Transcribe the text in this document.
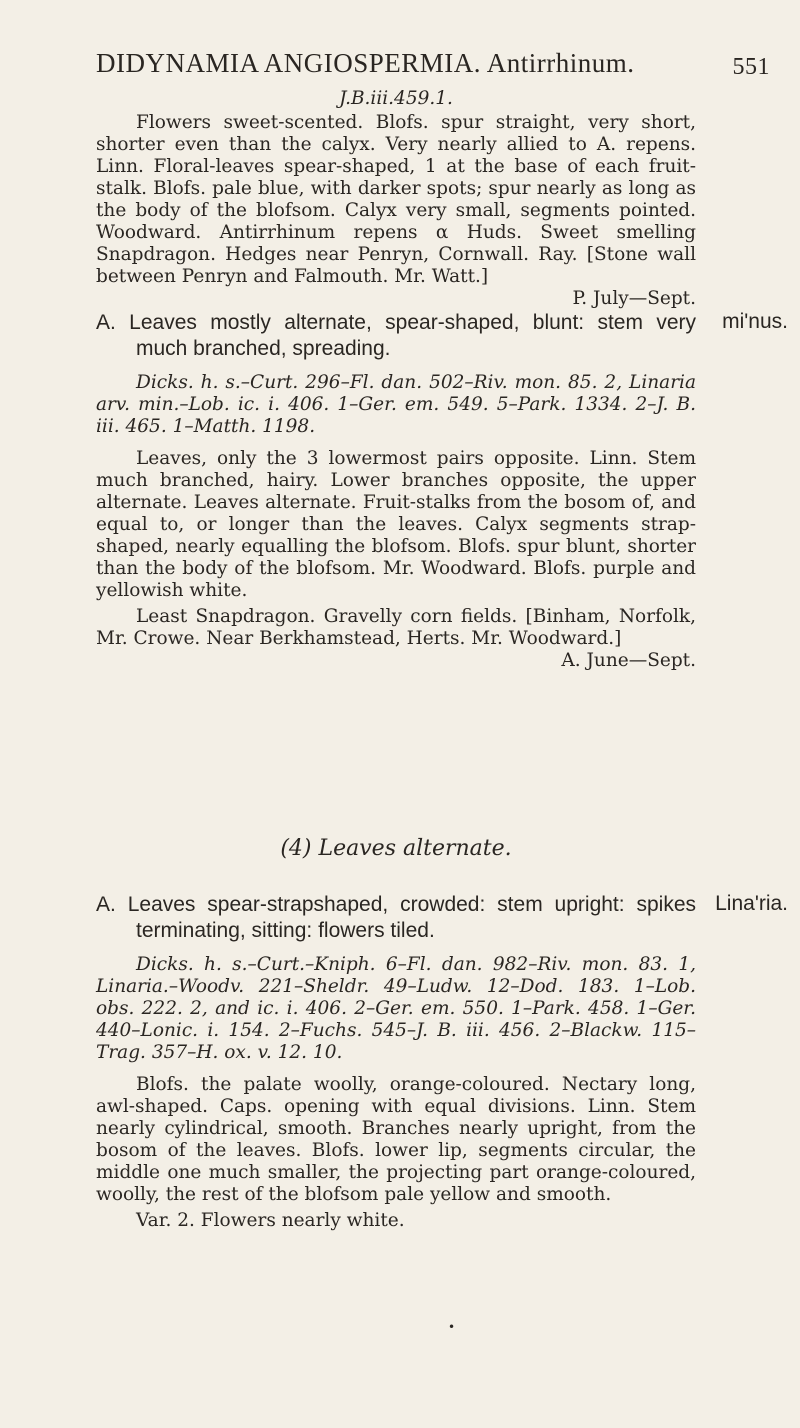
DIDYNAMIA ANGIOSPERMIA. Antirrhinum.	551

J.B.iii.459.1.

Flowers sweet-scented. Blofs. spur straight, very short, shorter even than the calyx. Very nearly allied to A. repens. Linn. Floral-leaves spear-shaped, 1 at the base of each fruit-stalk. Blofs. pale blue, with darker spots; spur nearly as long as the body of the blofsom. Calyx very small, segments pointed. Woodward. Antirrhinum repens α Huds. Sweet smelling Snapdragon. Hedges near Penryn, Cornwall. Ray. [Stone wall between Penryn and Falmouth. Mr. Watt.]

P. July—Sept.

mi'nus.

A. Leaves mostly alternate, spear-shaped, blunt: stem very much branched, spreading.

Dicks. h. s.–Curt. 296–Fl. dan. 502–Riv. mon. 85. 2, Linaria arv. min.–Lob. ic. i. 406. 1–Ger. em. 549. 5–Park. 1334. 2–J. B. iii. 465. 1–Matth. 1198.

Leaves, only the 3 lowermost pairs opposite. Linn. Stem much branched, hairy. Lower branches opposite, the upper alternate. Leaves alternate. Fruit-stalks from the bosom of, and equal to, or longer than the leaves. Calyx segments strap-shaped, nearly equalling the blofsom. Blofs. spur blunt, shorter than the body of the blofsom. Mr. Woodward. Blofs. purple and yellowish white.

Least Snapdragon. Gravelly corn fields. [Binham, Norfolk, Mr. Crowe. Near Berkhamstead, Herts. Mr. Woodward.]

A. June—Sept.

(4) Leaves alternate.

Lina'ria.

A. Leaves spear-strapshaped, crowded: stem upright: spikes terminating, sitting: flowers tiled.

Dicks. h. s.–Curt.–Kniph. 6–Fl. dan. 982–Riv. mon. 83. 1, Linaria.–Woodv. 221–Sheldr. 49–Ludw. 12–Dod. 183. 1–Lob. obs. 222. 2, and ic. i. 406. 2–Ger. em. 550. 1–Park. 458. 1–Ger. 440–Lonic. i. 154. 2–Fuchs. 545–J. B. iii. 456. 2–Blackw. 115–Trag. 357–H. ox. v. 12. 10.

Blofs. the palate woolly, orange-coloured. Nectary long, awl-shaped. Caps. opening with equal divisions. Linn. Stem nearly cylindrical, smooth. Branches nearly upright, from the bosom of the leaves. Blofs. lower lip, segments circular, the middle one much smaller, the projecting part orange-coloured, woolly, the rest of the blofsom pale yellow and smooth.

Var. 2. Flowers nearly white.

•
